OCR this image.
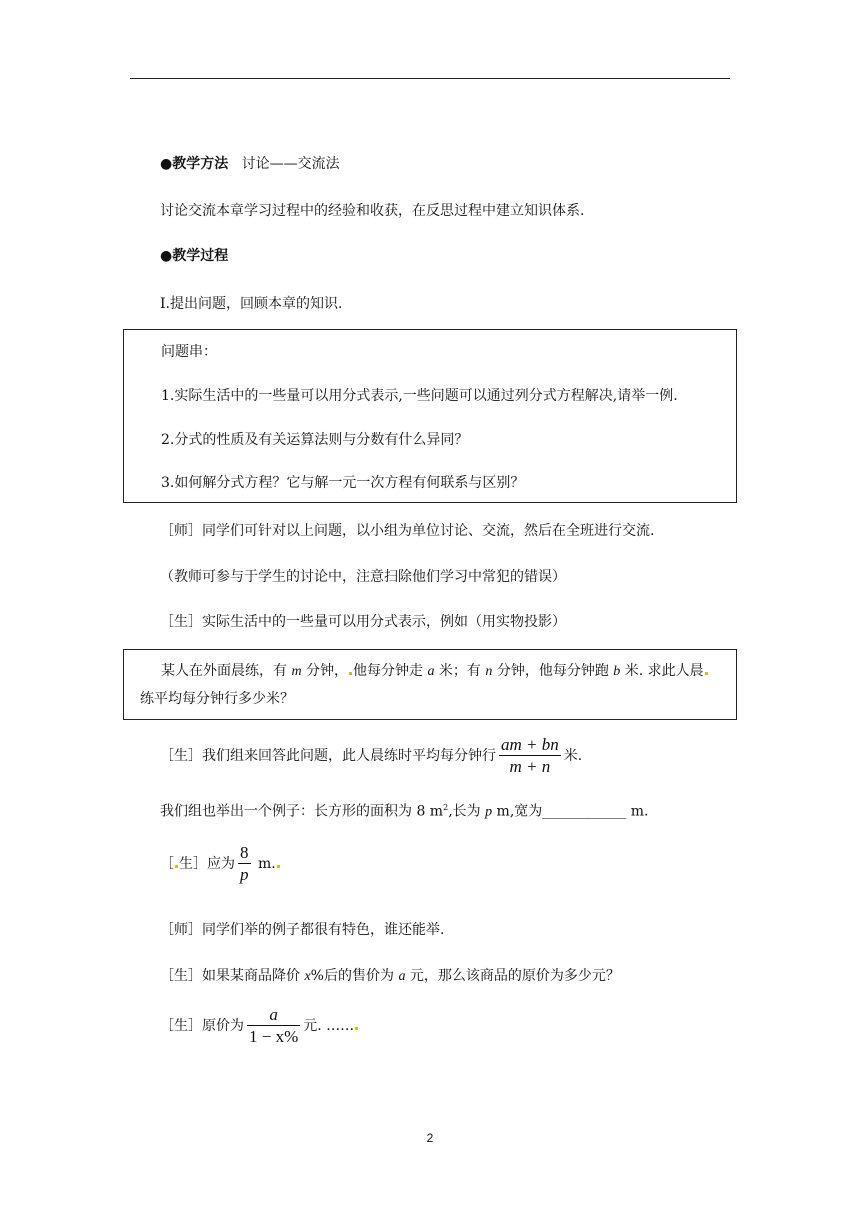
●教学方法 讨论——交流法
讨论交流本章学习过程中的经验和收获，在反思过程中建立知识体系.
●教学过程
Ⅰ.提出问题，回顾本章的知识.
问题串：
1.实际生活中的一些量可以用分式表示,一些问题可以通过列分式方程解决,请举一例.
2.分式的性质及有关运算法则与分数有什么异同？
3.如何解分式方程？它与解一元一次方程有何联系与区别？
［师］同学们可针对以上问题，以小组为单位讨论、交流，然后在全班进行交流.
（教师可参与于学生的讨论中，注意扫除他们学习中常犯的错误）
［生］实际生活中的一些量可以用分式表示，例如（用实物投影）
某人在外面晨练，有 m 分钟， 他每分钟走 a 米；有 n 分钟，他每分钟跑 b 米. 求此人晨
练平均每分钟行多少米？
［生］我们组来回答此问题，此人晨练时平均每分钟行 $\frac{am + bn}{m + n}$ 米.
我们组也举出一个例子：长方形的面积为 8 $m^2$,长为 p m,宽为____________ m.
［ 生］应为 $\frac{8}{p} m$.
［师］同学们举的例子都很有特色，谁还能举.
［生］如果某商品降价 x%后的售价为 a 元，那么该商品的原价为多少元？
［生］原价为 $\frac{a}{1 - x\%}$ 元. ……
2
